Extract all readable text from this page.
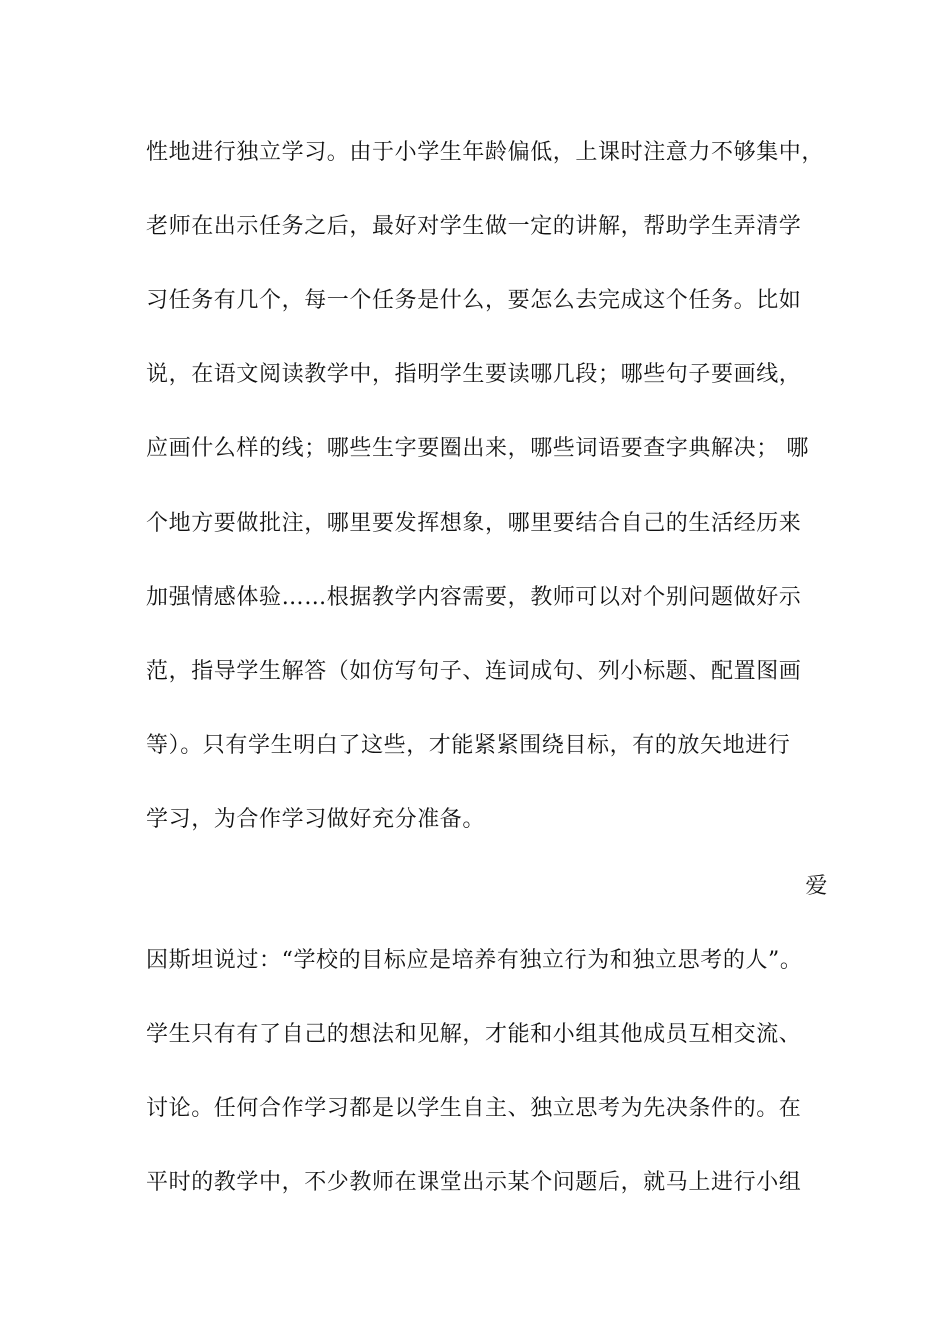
性地进行独立学习。由于小学生年龄偏低，上课时注意力不够集中，
老师在出示任务之后，最好对学生做一定的讲解，帮助学生弄清学
习任务有几个，每一个任务是什么，要怎么去完成这个任务。比如
说，在语文阅读教学中，指明学生要读哪几段；哪些句子要画线，
应画什么样的线；哪些生字要圈出来，哪些词语要查字典解决； 哪
个地方要做批注，哪里要发挥想象，哪里要结合自己的生活经历来
加强情感体验……根据教学内容需要，教师可以对个别问题做好示
范，指导学生解答（如仿写句子、连词成句、列小标题、配置图画
等）。只有学生明白了这些，才能紧紧围绕目标，有的放矢地进行
学习，为合作学习做好充分准备。
爱
因斯坦说过：“学校的目标应是培养有独立行为和独立思考的人”。
学生只有有了自己的想法和见解，才能和小组其他成员互相交流、
讨论。任何合作学习都是以学生自主、独立思考为先决条件的。在
平时的教学中，不少教师在课堂出示某个问题后，就马上进行小组
